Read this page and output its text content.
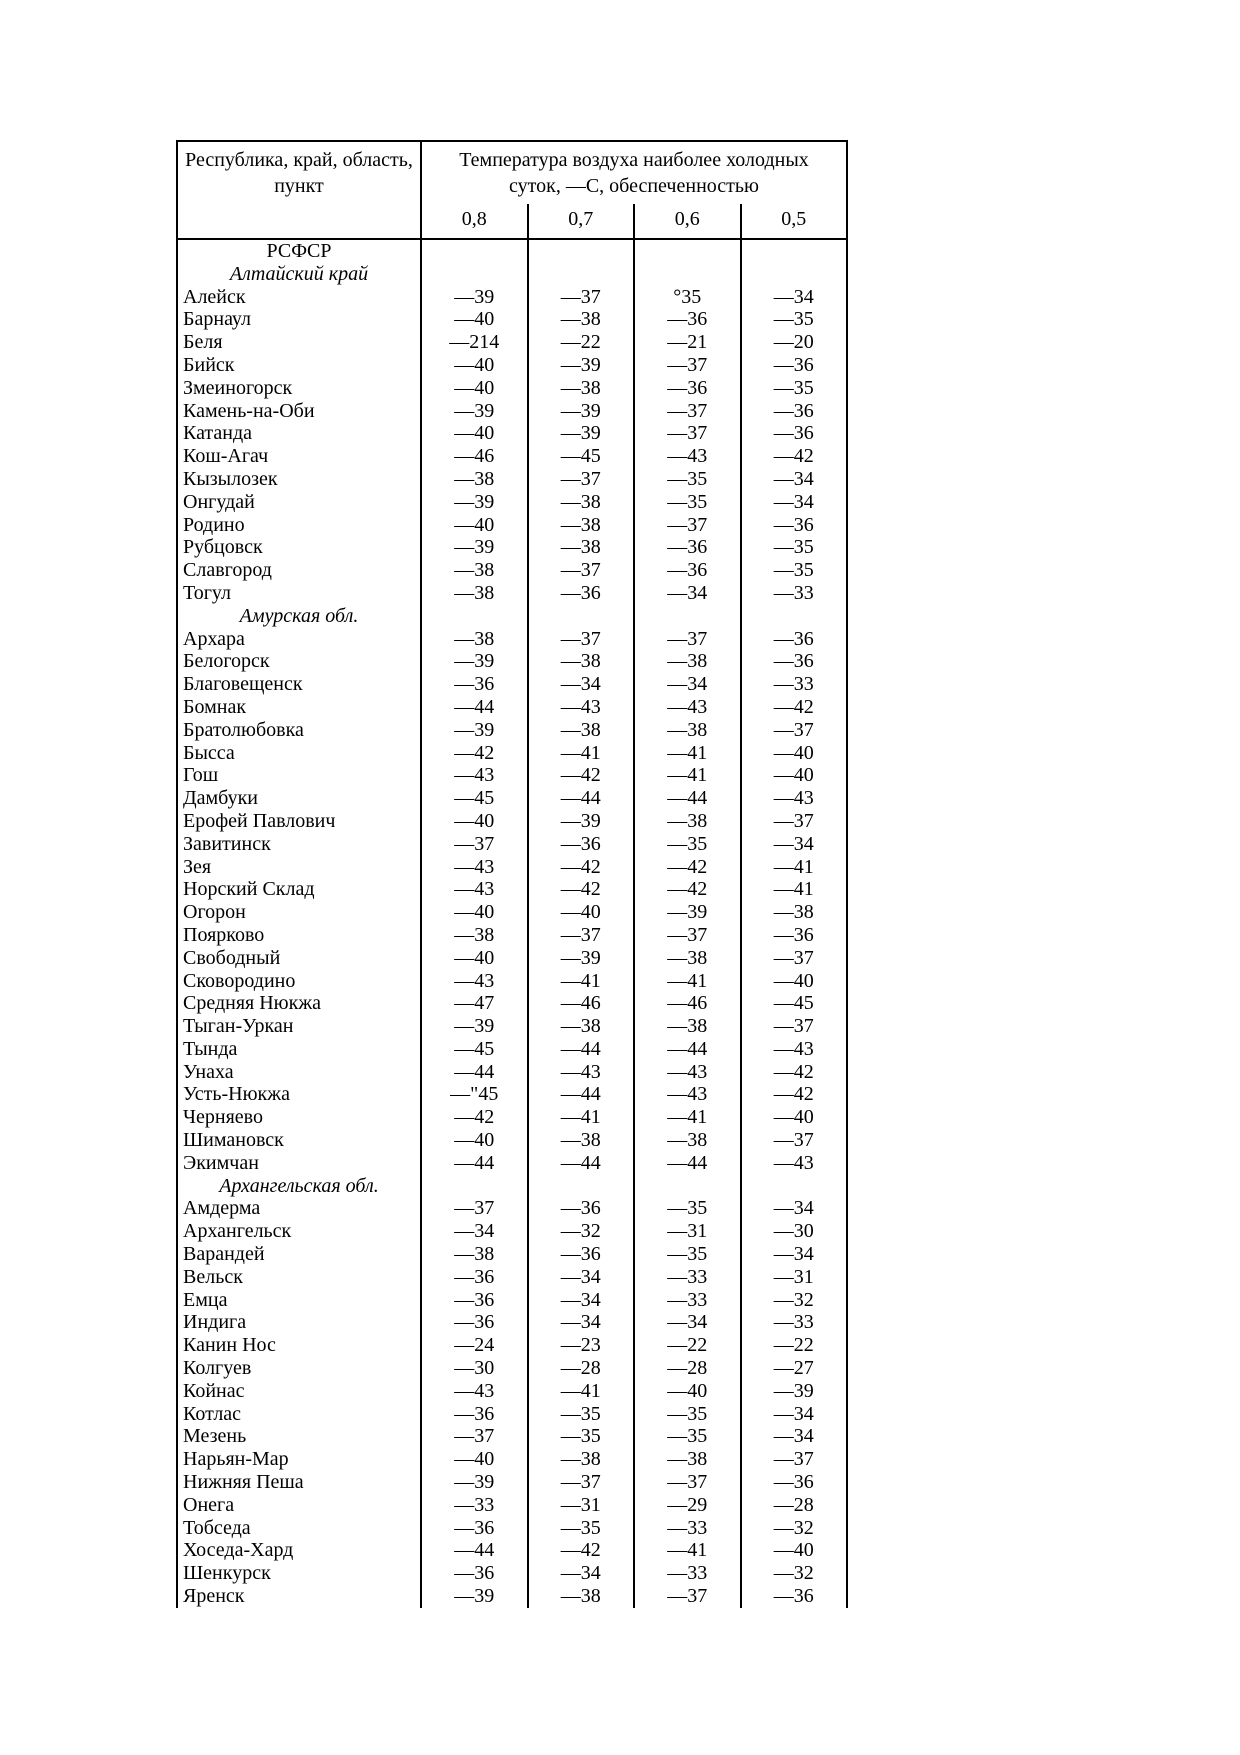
Республика, край, область,
пункт
Температура воздуха наиболее холодных
суток, —С, обеспеченностью
0,8	0,7	0,6	0,5
РСФСР
Алтайский край
Алейск	—39	—37	°35	—34
Барнаул	—40	—38	—36	—35
Беля	—214	—22	—21	—20
Бийск	—40	—39	—37	—36
Змеиногорск	—40	—38	—36	—35
Камень-на-Оби	—39	—39	—37	—36
Катанда	—40	—39	—37	—36
Кош-Агач	—46	—45	—43	—42
Кызылозек	—38	—37	—35	—34
Онгудай	—39	—38	—35	—34
Родино	—40	—38	—37	—36
Рубцовск	—39	—38	—36	—35
Славгород	—38	—37	—36	—35
Тогул	—38	—36	—34	—33
Амурская обл.
Архара	—38	—37	—37	—36
Белогорск	—39	—38	—38	—36
Благовещенск	—36	—34	—34	—33
Бомнак	—44	—43	—43	—42
Братолюбовка	—39	—38	—38	—37
Бысса	—42	—41	—41	—40
Гош	—43	—42	—41	—40
Дамбуки	—45	—44	—44	—43
Ерофей Павлович	—40	—39	—38	—37
Завитинск	—37	—36	—35	—34
Зея	—43	—42	—42	—41
Норский Склад	—43	—42	—42	—41
Огорон	—40	—40	—39	—38
Поярково	—38	—37	—37	—36
Свободный	—40	—39	—38	—37
Сковородино	—43	—41	—41	—40
Средняя Нюкжа	—47	—46	—46	—45
Тыган-Уркан	—39	—38	—38	—37
Тында	—45	—44	—44	—43
Унаха	—44	—43	—43	—42
Усть-Нюкжа	—"45	—44	—43	—42
Черняево	—42	—41	—41	—40
Шимановск	—40	—38	—38	—37
Экимчан	—44	—44	—44	—43
Архангельская обл.
Амдерма	—37	—36	—35	—34
Архангельск	—34	—32	—31	—30
Варандей	—38	—36	—35	—34
Вельск	—36	—34	—33	—31
Емца	—36	—34	—33	—32
Индига	—36	—34	—34	—33
Канин Нос	—24	—23	—22	—22
Колгуев	—30	—28	—28	—27
Койнас	—43	—41	—40	—39
Котлас	—36	—35	—35	—34
Мезень	—37	—35	—35	—34
Нарьян-Мар	—40	—38	—38	—37
Нижняя Пеша	—39	—37	—37	—36
Онега	—33	—31	—29	—28
Тобседа	—36	—35	—33	—32
Хоседа-Хард	—44	—42	—41	—40
Шенкурск	—36	—34	—33	—32
Яренск	—39	—38	—37	—36
